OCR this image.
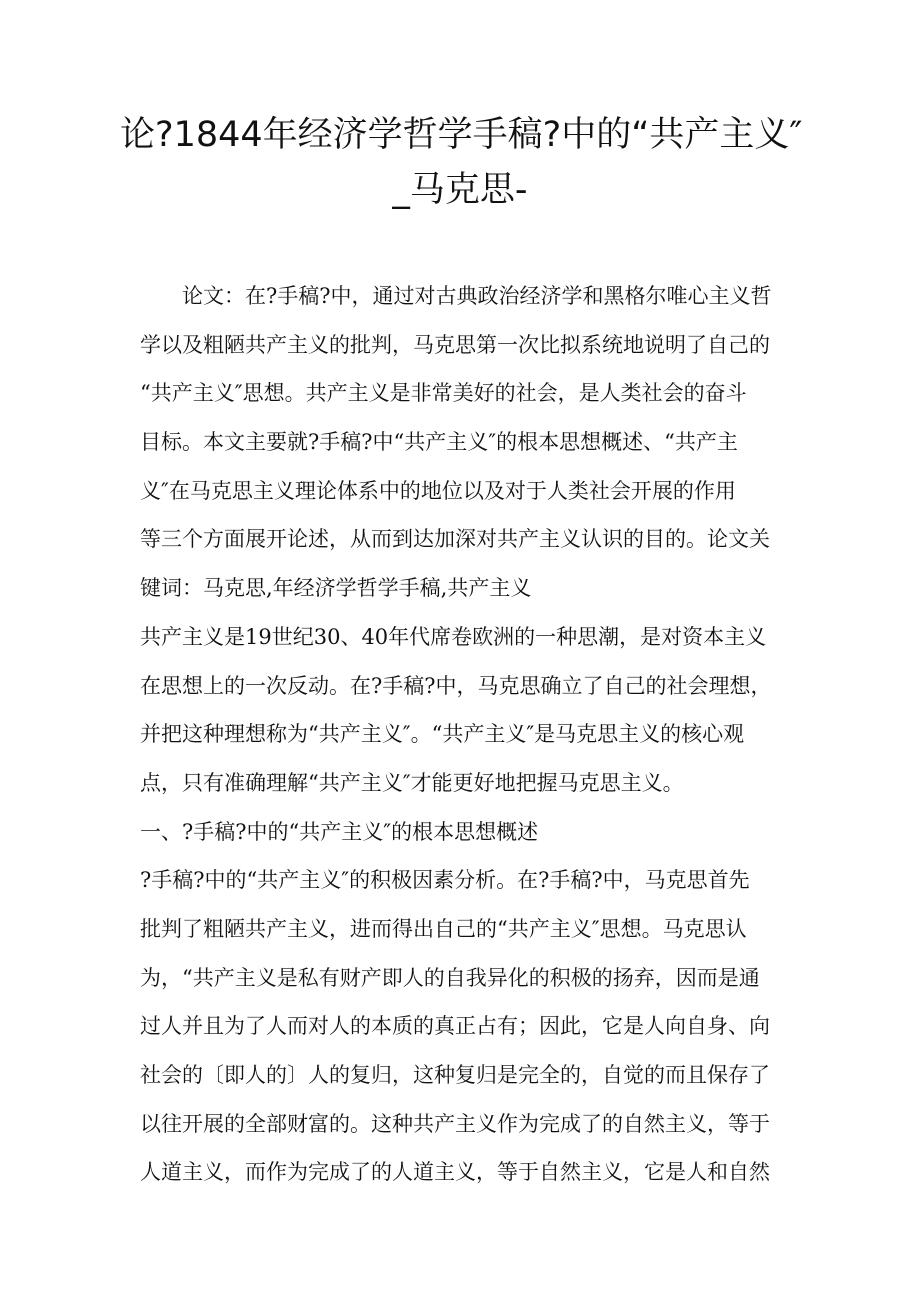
论?1844年经济学哲学手稿?中的“共产主义″
_马克思-
论文：在?手稿?中，通过对古典政治经济学和黑格尔唯心主义哲
学以及粗陋共产主义的批判，马克思第一次比拟系统地说明了自己的
“共产主义″思想。共产主义是非常美好的社会，是人类社会的奋斗
目标。本文主要就?手稿?中“共产主义″的根本思想概述、“共产主
义″在马克思主义理论体系中的地位以及对于人类社会开展的作用
等三个方面展开论述，从而到达加深对共产主义认识的目的。论文关
键词：马克思,年经济学哲学手稿,共产主义
共产主义是19世纪30、40年代席卷欧洲的一种思潮，是对资本主义
在思想上的一次反动。在?手稿?中，马克思确立了自己的社会理想，
并把这种理想称为“共产主义″。“共产主义″是马克思主义的核心观
点，只有准确理解“共产主义″才能更好地把握马克思主义。
一、?手稿?中的“共产主义″的根本思想概述
?手稿?中的“共产主义″的积极因素分析。在?手稿?中，马克思首先
批判了粗陋共产主义，进而得出自己的“共产主义″思想。马克思认
为，“共产主义是私有财产即人的自我异化的积极的扬弃，因而是通
过人并且为了人而对人的本质的真正占有；因此，它是人向自身、向
社会的〔即人的〕人的复归，这种复归是完全的，自觉的而且保存了
以往开展的全部财富的。这种共产主义作为完成了的自然主义，等于
人道主义，而作为完成了的人道主义，等于自然主义，它是人和自然
